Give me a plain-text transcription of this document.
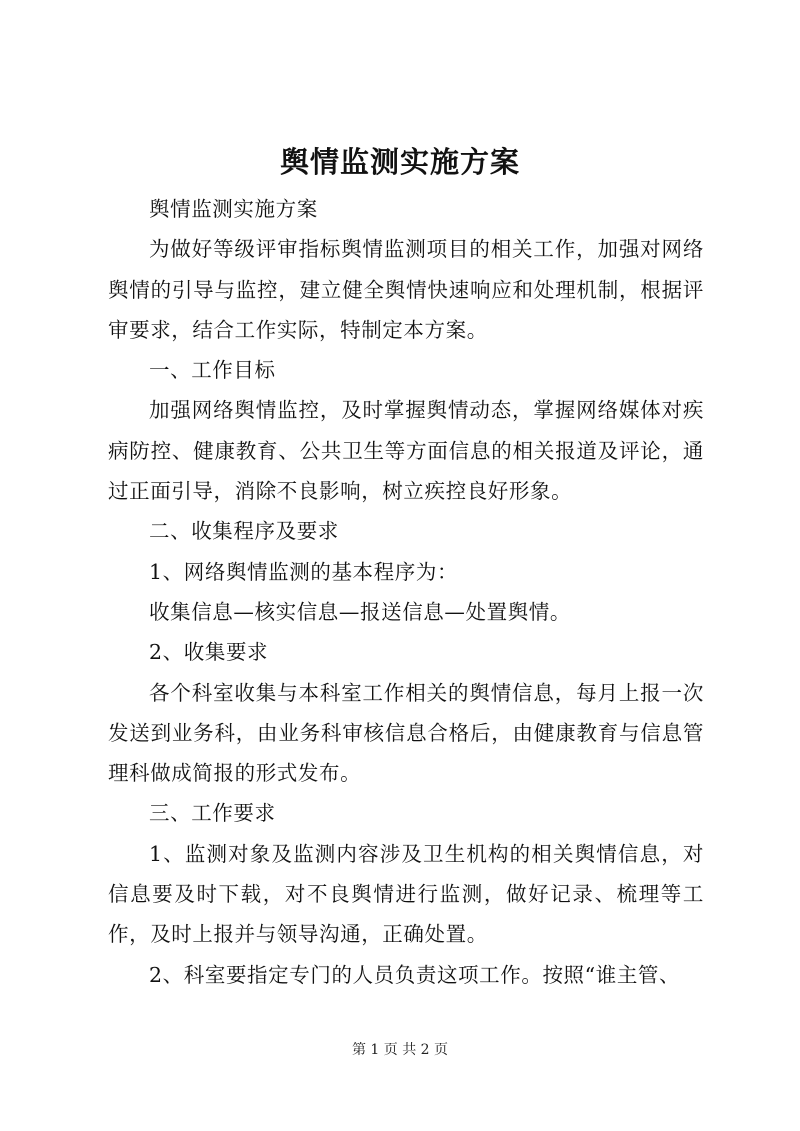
舆情监测实施方案

舆情监测实施方案

为做好等级评审指标舆情监测项目的相关工作，加强对网络舆情的引导与监控，建立健全舆情快速响应和处理机制，根据评审要求，结合工作实际，特制定本方案。

一、工作目标

加强网络舆情监控，及时掌握舆情动态，掌握网络媒体对疾病防控、健康教育、公共卫生等方面信息的相关报道及评论，通过正面引导，消除不良影响，树立疾控良好形象。

二、收集程序及要求

1、网络舆情监测的基本程序为：

收集信息—核实信息—报送信息—处置舆情。

2、收集要求

各个科室收集与本科室工作相关的舆情信息，每月上报一次发送到业务科，由业务科审核信息合格后，由健康教育与信息管理科做成简报的形式发布。

三、工作要求

1、监测对象及监测内容涉及卫生机构的相关舆情信息，对信息要及时下载，对不良舆情进行监测，做好记录、梳理等工作，及时上报并与领导沟通，正确处置。

2、科室要指定专门的人员负责这项工作。按照“谁主管、

第 1 页 共 2 页
